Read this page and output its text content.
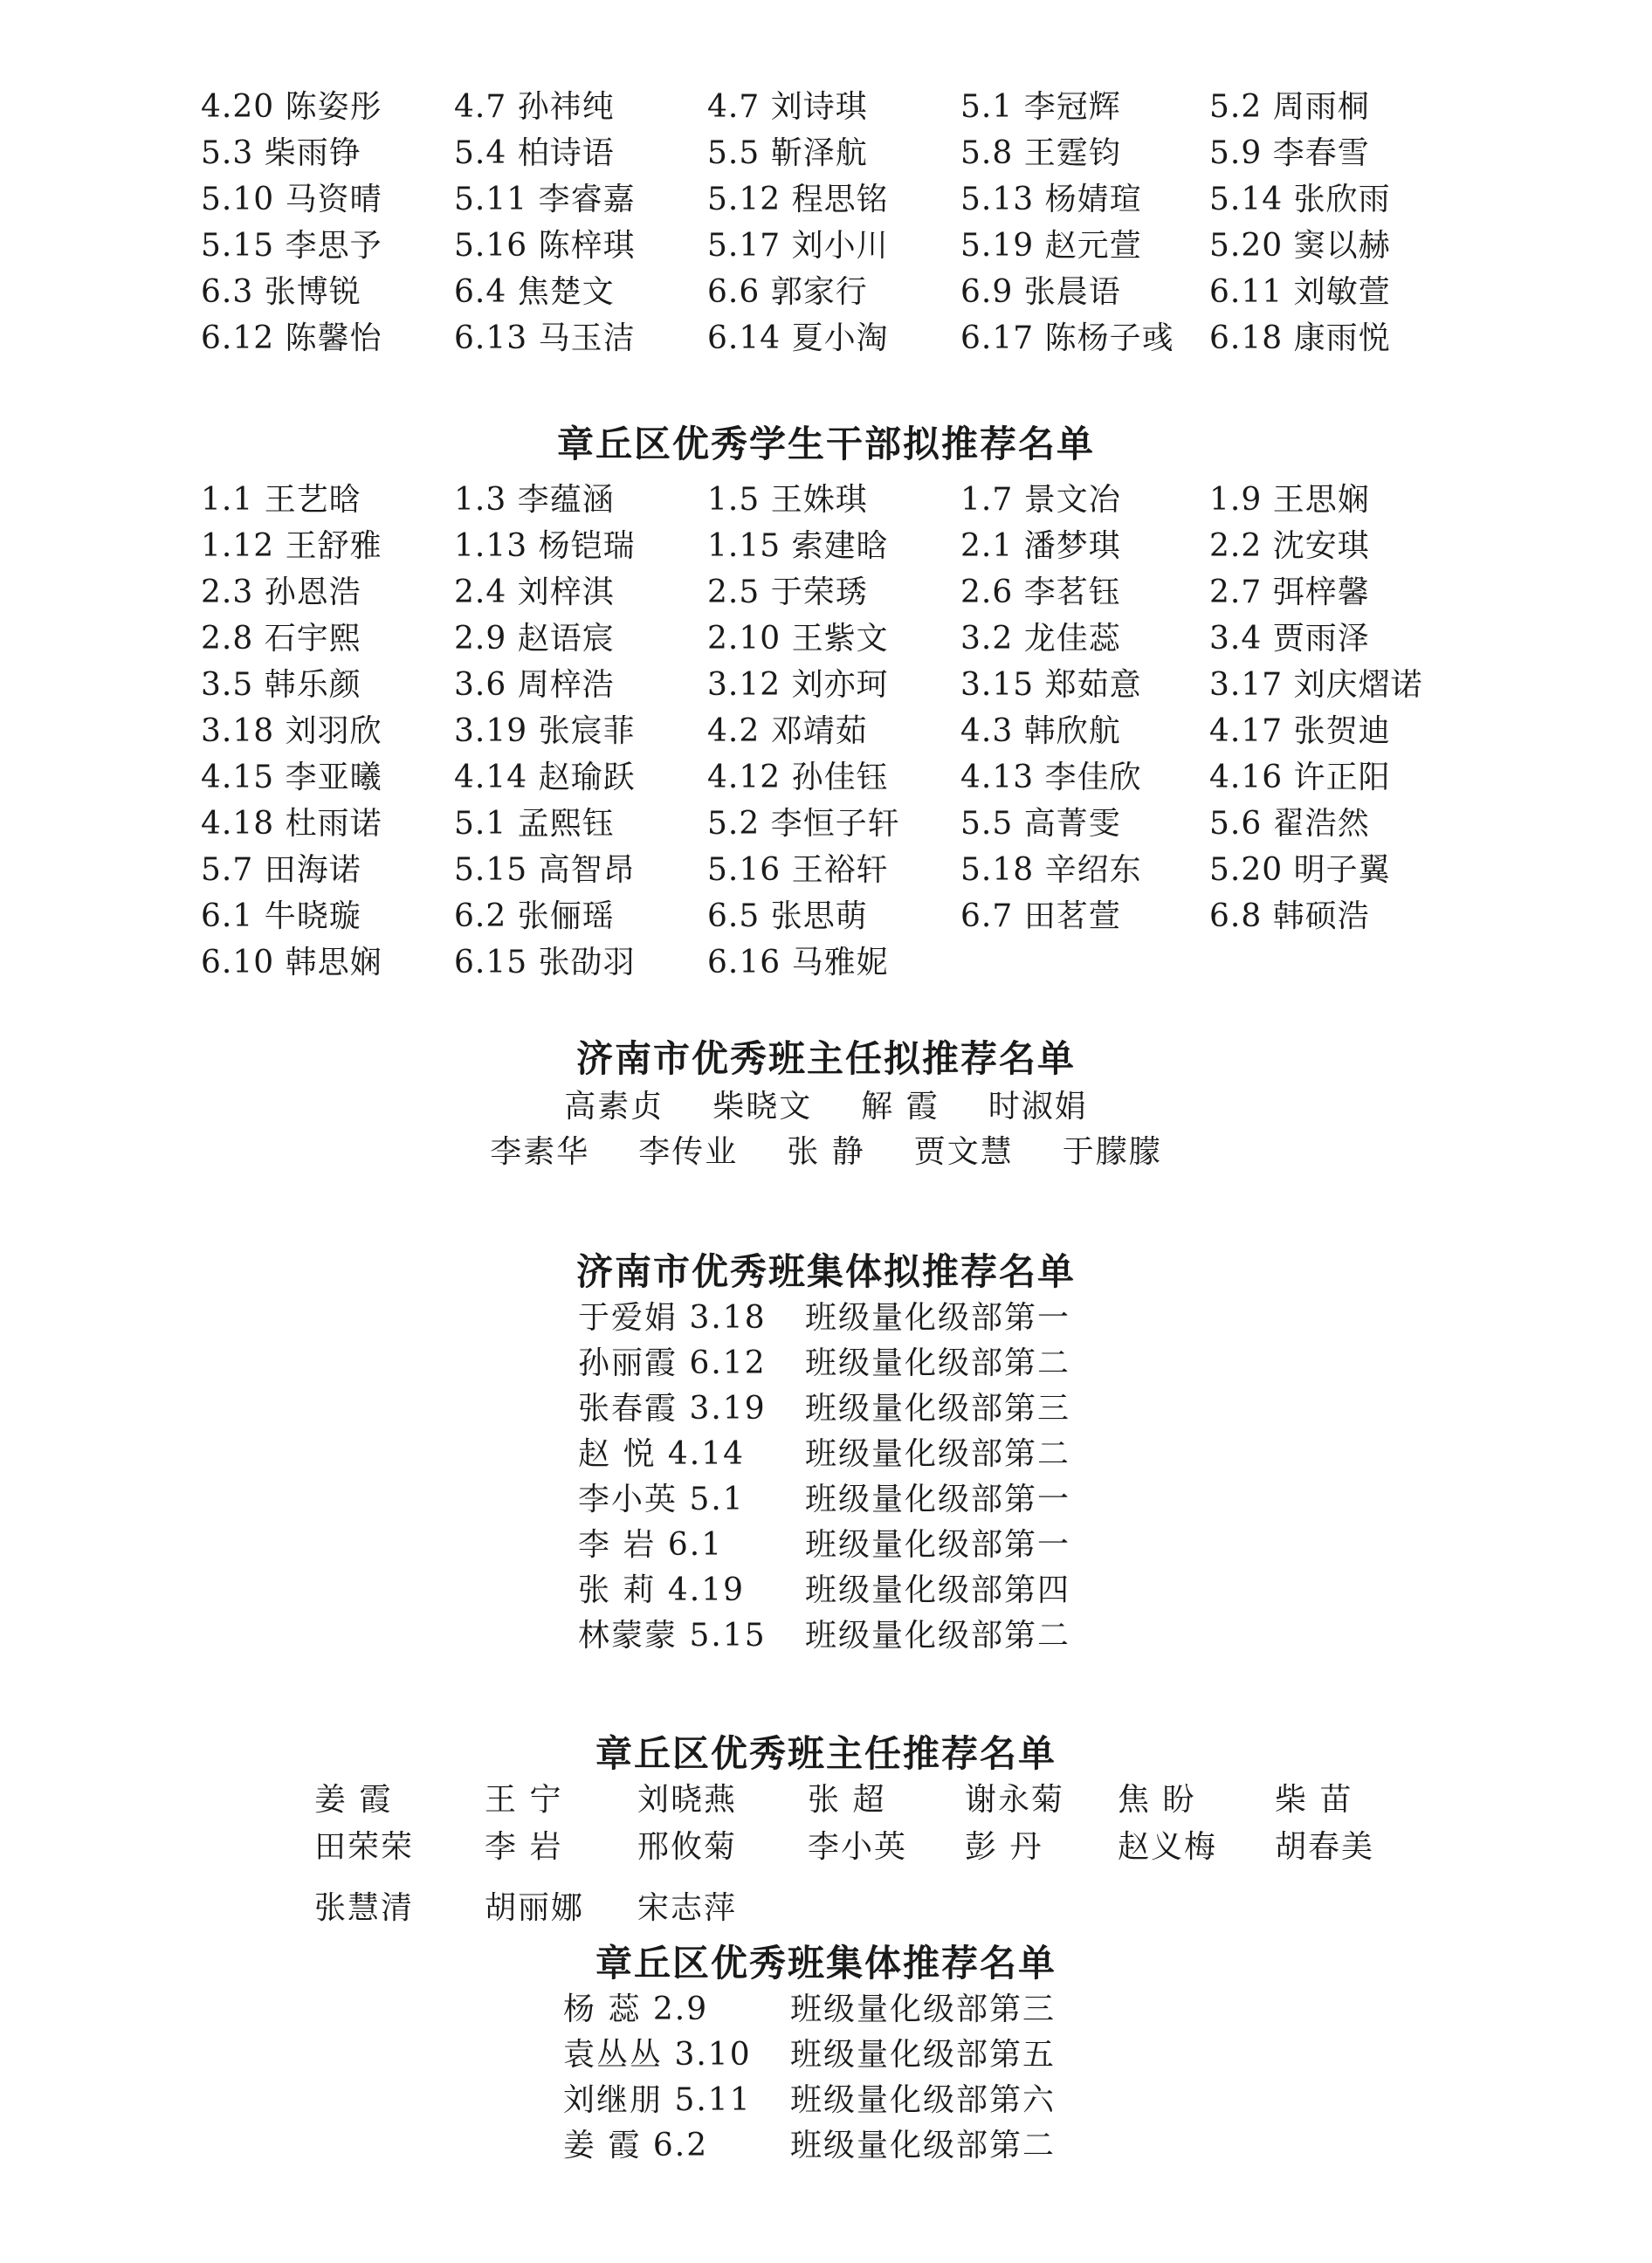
4.20 陈姿彤	4.7 孙祎纯	4.7 刘诗琪	5.1 李冠辉	5.2 周雨桐
5.3 柴雨铮	5.4 柏诗语	5.5 靳泽航	5.8 王霆钧	5.9 李春雪
5.10 马资晴	5.11 李睿嘉	5.12 程思铭	5.13 杨婧瑄	5.14 张欣雨
5.15 李思予	5.16 陈梓琪	5.17 刘小川	5.19 赵元萱	5.20 窦以赫
6.3 张博锐	6.4 焦楚文	6.6 郭家行	6.9 张晨语	6.11 刘敏萱
6.12 陈馨怡	6.13 马玉洁	6.14 夏小淘	6.17 陈杨子彧	6.18 康雨悦
章丘区优秀学生干部拟推荐名单
1.1 王艺晗	1.3 李蕴涵	1.5 王姝琪	1.7 景文冶	1.9 王思娴
1.12 王舒雅	1.13 杨铠瑞	1.15 索建晗	2.1 潘梦琪	2.2 沈安琪
2.3 孙恩浩	2.4 刘梓淇	2.5 于荣琇	2.6 李茗钰	2.7 弭梓馨
2.8 石宇熙	2.9 赵语宸	2.10 王紫文	3.2 龙佳蕊	3.4 贾雨泽
3.5 韩乐颜	3.6 周梓浩	3.12 刘亦珂	3.15 郑茹意	3.17 刘庆熠诺
3.18 刘羽欣	3.19 张宸菲	4.2 邓靖茹	4.3 韩欣航	4.17 张贺迪
4.15 李亚曦	4.14 赵瑜跃	4.12 孙佳钰	4.13 李佳欣	4.16 许正阳
4.18 杜雨诺	5.1 孟熙钰	5.2 李恒子轩	5.5 高菁雯	5.6 翟浩然
5.7 田海诺	5.15 高智昂	5.16 王裕轩	5.18 辛绍东	5.20 明子翼
6.1 牛晓璇	6.2 张俪瑶	6.5 张思萌	6.7 田茗萱	6.8 韩硕浩
6.10 韩思娴	6.15 张劭羽	6.16 马雅妮
济南市优秀班主任拟推荐名单
高素贞 柴晓文 解 霞 时淑娟
李素华 李传业 张 静 贾文慧 于朦朦
济南市优秀班集体拟推荐名单
于爱娟 3.18 班级量化级部第一
孙丽霞 6.12 班级量化级部第二
张春霞 3.19 班级量化级部第三
赵 悦 4.14 班级量化级部第二
李小英 5.1 班级量化级部第一
李 岩 6.1	班级量化级部第一
张 莉 4.19 班级量化级部第四
林蒙蒙 5.15 班级量化级部第二
章丘区优秀班主任推荐名单
姜 霞	王 宁	刘晓燕	张 超	谢永菊	焦 盼	柴 苗
田荣荣	李 岩	邢攸菊	李小英	彭 丹	赵义梅	胡春美
张慧清	胡丽娜	宋志萍
章丘区优秀班集体推荐名单
杨 蕊 2.9	班级量化级部第三
袁丛丛 3.10 班级量化级部第五
刘继朋 5.11 班级量化级部第六
姜 霞 6.2	班级量化级部第二
